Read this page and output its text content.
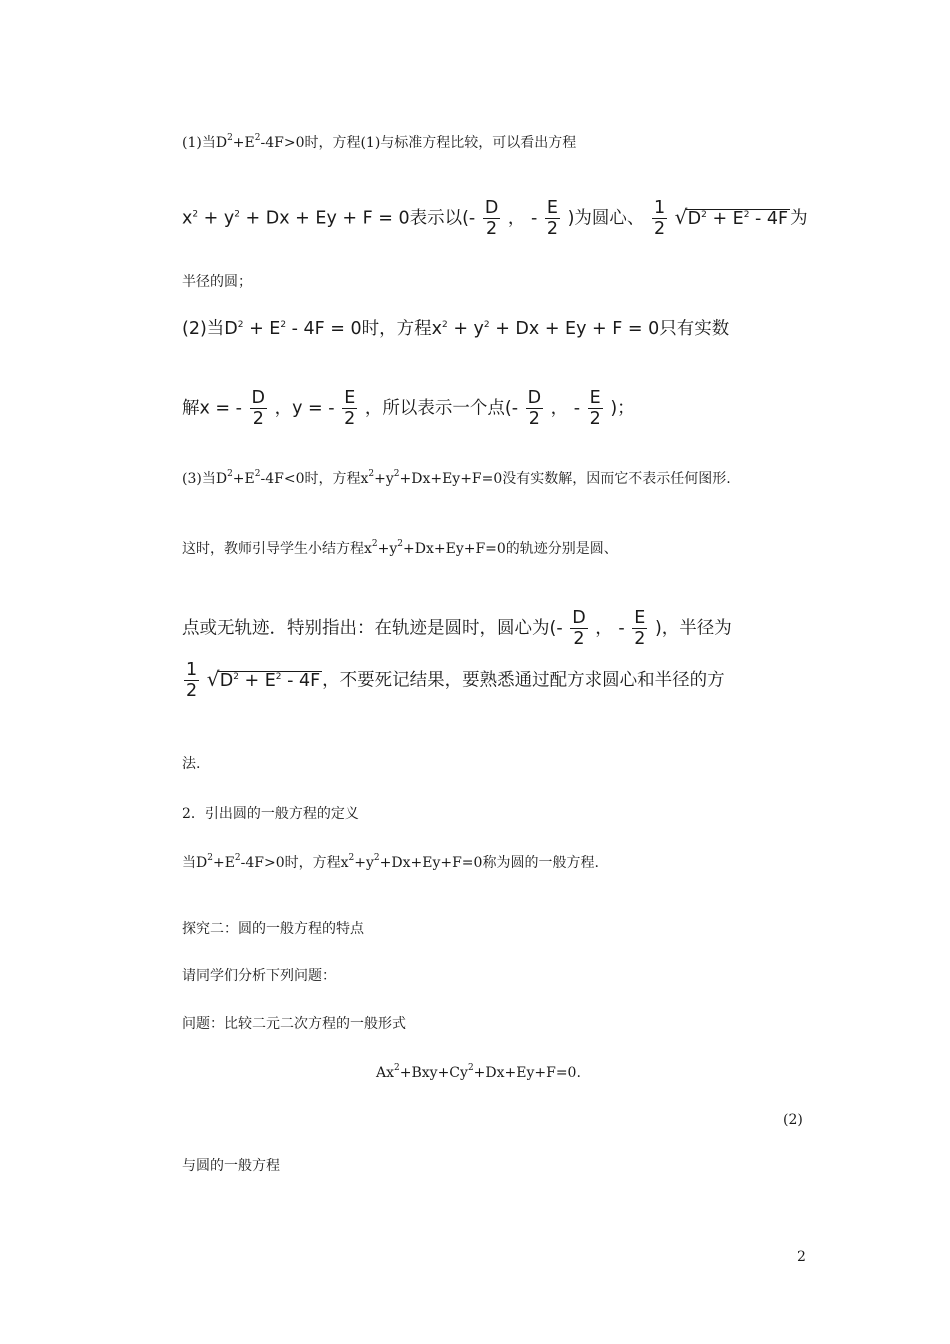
(1)当$D^2+E^2-4F>0$时，方程(1)与标准方程比较，可以看出方程
$x^2 + y^2 + Dx + Ey + F = 0$表示以(- $\frac{D}{2}$ ， - $\frac{E}{2}$ )为圆心、 $\frac{1}{2}$
√ $D^2 + E^2 - 4F$ 为
半径的圆；
(2)当$D^2 + E^2 - 4F = 0$时，方程$x^2 + y^2 + Dx + Ey + F = 0$只有实数
解x = - $\frac{D}{2}$ ，y = - $\frac{E}{2}$ ，所以表示一个点(- $\frac{D}{2}$ ， - $\frac{E}{2}$ )；
(3)当$D^2+E^2-4F<0$时，方程$x^2+y^2+Dx+Ey+F=0$没有实数解，因而它不表示任何图形.
这时，教师引导学生小结方程$x^2+y^2+Dx+Ey+F=0$的轨迹分别是圆、
点或无轨迹．特别指出：在轨迹是圆时，圆心为(- $\frac{D}{2}$ ， - $\frac{E}{2}$ )，半径为
$\frac{1}{2}$
√ $D^2 + E^2 - 4F$ ，不要死记结果，要熟悉通过配方求圆心和半径的方
法.
2．引出圆的一般方程的定义
当$D^2+E^2-4F>0$时，方程$x^2+y^2+Dx+Ey+F=0$称为圆的一般方程.
探究二：圆的一般方程的特点
请同学们分析下列问题：
问题：比较二元二次方程的一般形式
$Ax^2+Bxy+Cy^2+Dx+Ey+F=0$.
(2)
与圆的一般方程
2
